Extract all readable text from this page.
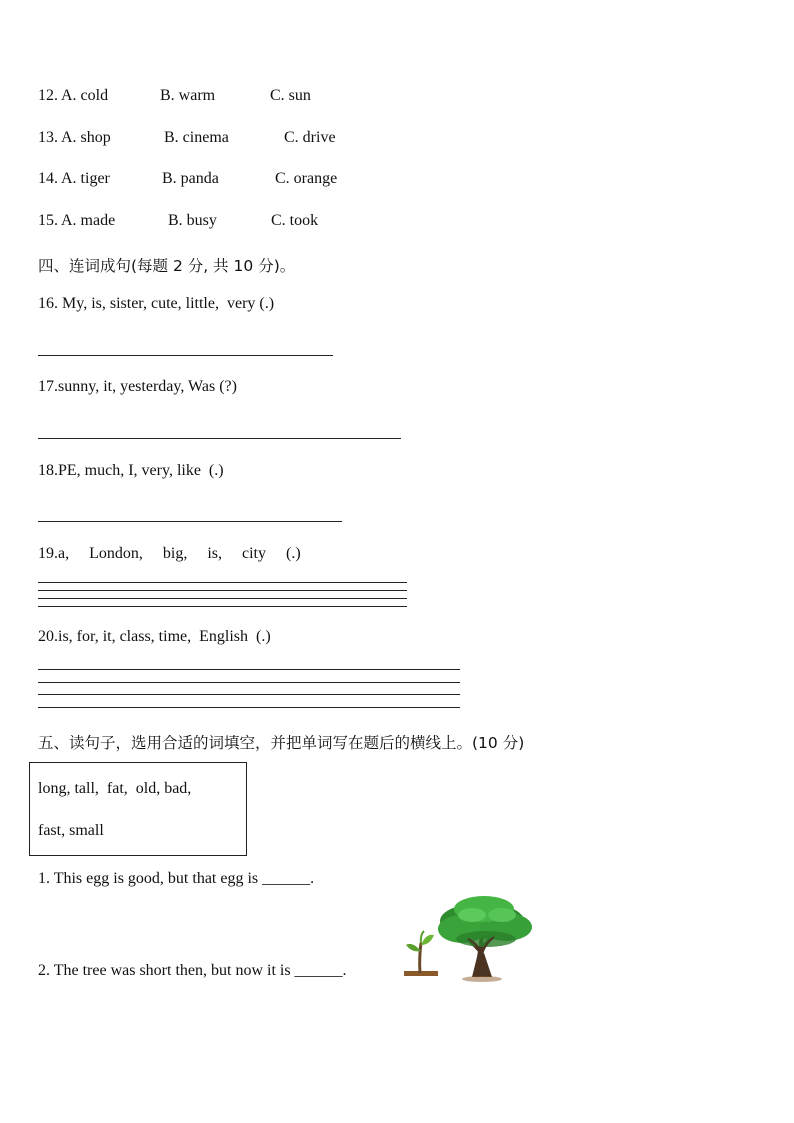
12. A. cold	B. warm	C. sun
13. A. shop	B. cinema	C. drive
14. A. tiger	B. panda	C. orange
15. A. made	B. busy	C. took
四、连词成句(每题 2 分, 共 10 分)。
16. My, is, sister, cute, little,  very (.)
17.sunny, it, yesterday, Was (?)
18.PE, much, I, very, like  (.)
19.a,     London,     big,     is,     city     (.)
20.is, for, it, class, time,  English  (.)
五、读句子，选用合适的词填空，并把单词写在题后的横线上。(10 分)
long, tall,  fat,  old, bad,
fast, small
1. This egg is good, but that egg is ______.
2. The tree was short then, but now it is ______.
